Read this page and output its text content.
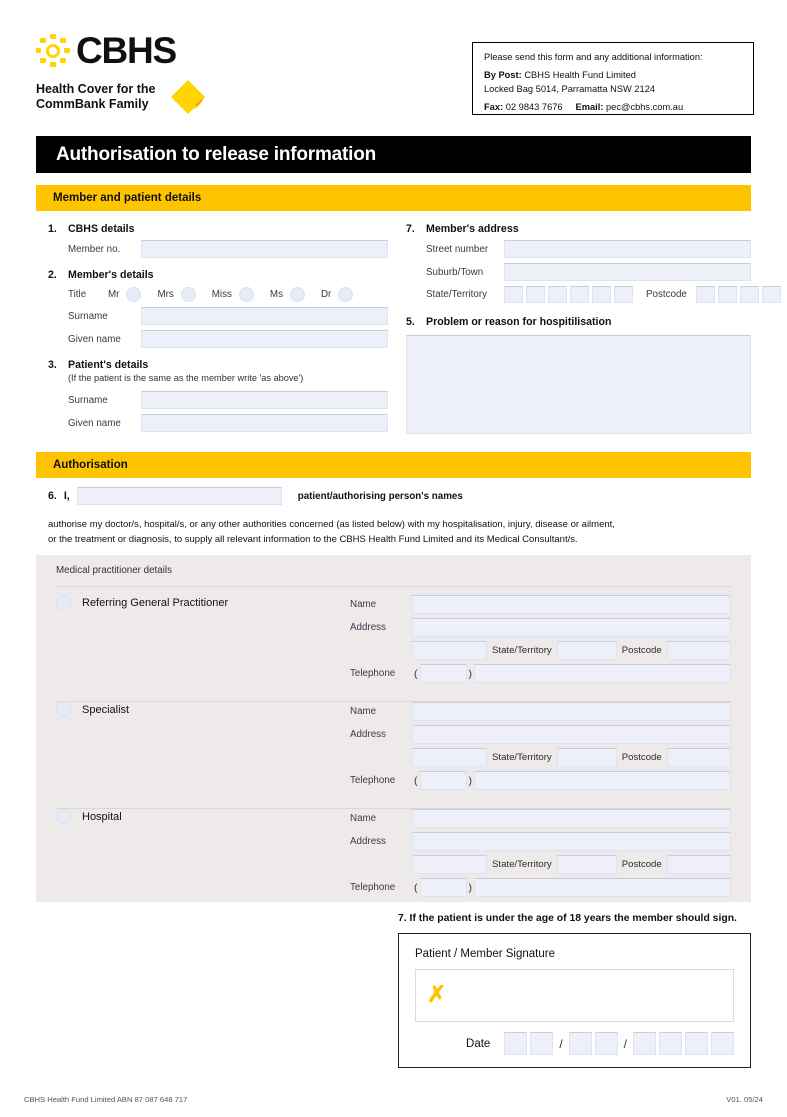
CBHS
Health Cover for the
CommBank Family
Please send this form and any additional information:
By Post: CBHS Health Fund Limited
Locked Bag 5014, Parramatta NSW 2124
Fax: 02 9843 7676 Email: pec@cbhs.com.au
Authorisation to release information
Member and patient details
1.	CBHS details
Member no.
2.	Member's details
Title	Mr	Mrs	Miss	Ms	Dr
Surname
Given name
3.	Patient's details
(If the patient is the same as the member write 'as above')
Surname
Given name
7.	Member's address
Street number
Suburb/Town
State/Territory	Postcode
5.	Problem or reason for hospitilisation
Authorisation
6. I,	patient/authorising person's names
authorise my doctor/s, hospital/s, or any other authorities concerned (as listed below) with my hospitalisation, injury, disease or ailment,
or the treatment or diagnosis, to supply all relevant information to the CBHS Health Fund Limited and its Medical Consultant/s.
Medical practitioner details
Referring General Practitioner	Name
Address
State/Territory	Postcode
Telephone	(	)
Specialist	Name
Address
State/Territory	Postcode
Telephone	(	)
Hospital	Name
Address
State/Territory	Postcode
Telephone	(	)
7. If the patient is under the age of 18 years the member should sign.
Patient / Member Signature
✗
Date	/	/
CBHS Health Fund Limited ABN 87 087 648 717	V01. 05/24
